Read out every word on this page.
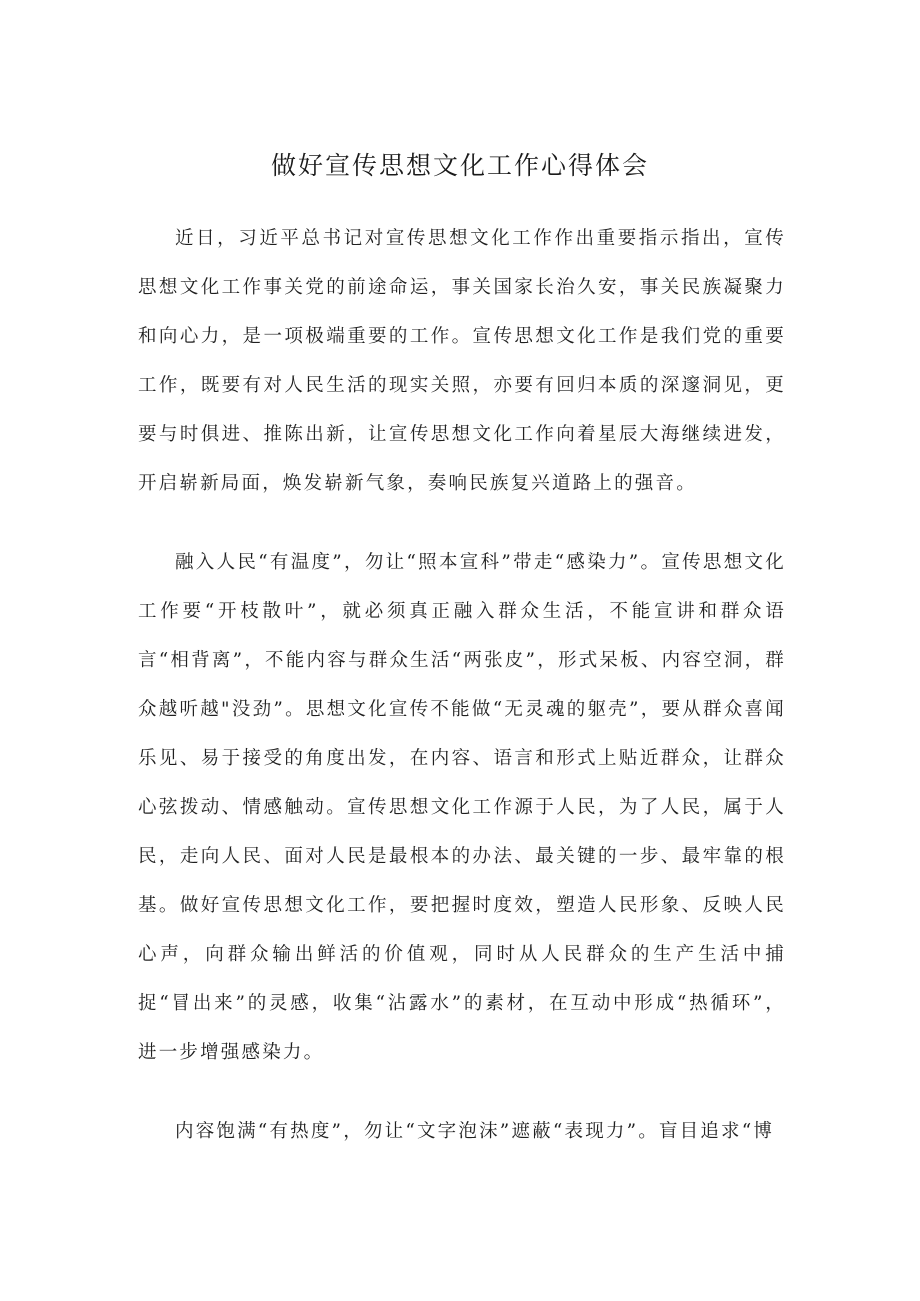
做好宣传思想文化工作心得体会

近日，习近平总书记对宣传思想文化工作作出重要指示指出，宣传思想文化工作事关党的前途命运，事关国家长治久安，事关民族凝聚力和向心力，是一项极端重要的工作。宣传思想文化工作是我们党的重要工作，既要有对人民生活的现实关照，亦要有回归本质的深邃洞见，更要与时俱进、推陈出新，让宣传思想文化工作向着星辰大海继续进发，开启崭新局面，焕发崭新气象，奏响民族复兴道路上的强音。

融入人民“有温度”，勿让“照本宣科”带走“感染力”。宣传思想文化工作要“开枝散叶”，就必须真正融入群众生活，不能宣讲和群众语言“相背离”，不能内容与群众生活“两张皮”，形式呆板、内容空洞，群众越听越"没劲”。思想文化宣传不能做“无灵魂的躯壳”，要从群众喜闻乐见、易于接受的角度出发，在内容、语言和形式上贴近群众，让群众心弦拨动、情感触动。宣传思想文化工作源于人民，为了人民，属于人民，走向人民、面对人民是最根本的办法、最关键的一步、最牢靠的根基。做好宣传思想文化工作，要把握时度效，塑造人民形象、反映人民心声，向群众输出鲜活的价值观，同时从人民群众的生产生活中捕捉“冒出来”的灵感，收集“沾露水”的素材，在互动中形成“热循环”，进一步增强感染力。

内容饱满“有热度”，勿让“文字泡沫”遮蔽“表现力”。盲目追求“博
